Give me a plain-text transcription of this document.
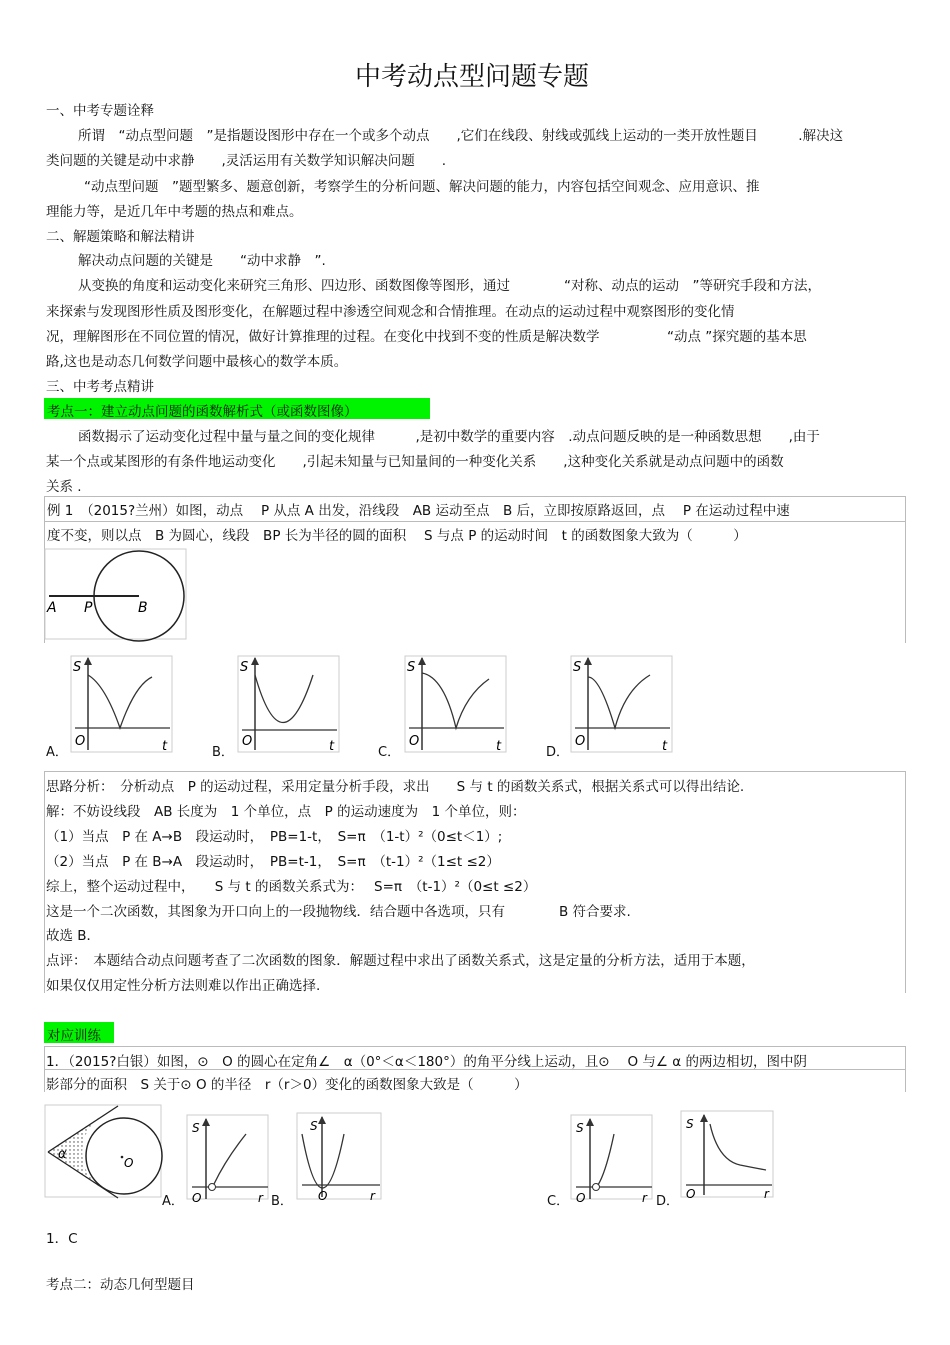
中考动点型问题专题
一、中考专题诠释
所谓　“动点型问题　”是指题设图形中存在一个或多个动点　　,它们在线段、射线或弧线上运动的一类开放性题目　　　.解决这
类问题的关键是动中求静　　,灵活运用有关数学知识解决问题　　.
“动点型问题　”题型繁多、题意创新，考察学生的分析问题、解决问题的能力，内容包括空间观念、应用意识、推
理能力等，是近几年中考题的热点和难点。
二、解题策略和解法精讲
解决动点问题的关键是　　“动中求静　”.
从变换的角度和运动变化来研究三角形、四边形、函数图像等图形，通过　　　　“对称、动点的运动　”等研究手段和方法，
来探索与发现图形性质及图形变化，在解题过程中渗透空间观念和合情推理。在动点的运动过程中观察图形的变化情
况，理解图形在不同位置的情况，做好计算推理的过程。在变化中找到不变的性质是解决数学　　　　　“动点 ”探究题的基本思
路,这也是动态几何数学问题中最核心的数学本质。
三、中考考点精讲
考点一：建立动点问题的函数解析式（或函数图像）
函数揭示了运动变化过程中量与量之间的变化规律　　　,是初中数学的重要内容　.动点问题反映的是一种函数思想　　,由于
某一个点或某图形的有条件地运动变化　　,引起未知量与已知量间的一种变化关系　　,这种变化关系就是动点问题中的函数
关系 .
例 1　（2015?兰州）如图，动点　 P 从点 A 出发，沿线段　AB 运动至点　B 后，立即按原路返回，点　 P 在运动过程中速
度不变，则以点　B 为圆心，线段　BP 长为半径的圆的面积　 S 与点 P 的运动时间　t 的函数图象大致为（　　　）
A P	B
A．	B．	C．	D．
S
O	t
S
O	t
S
O	t
S
O	t
思路分析：　分析动点　P 的运动过程，采用定量分析手段，求出　　S 与 t 的函数关系式，根据关系式可以得出结论.
解：不妨设线段　AB 长度为　1 个单位，点　P 的运动速度为　1 个单位，则：
（1）当点　P 在 A→B　段运动时，　PB=1-t，　S=π　（1-t）²（0≤t＜1）;
（2）当点　P 在 B→A　段运动时，　PB=t-1，　S=π　（t-1）²（1≤t ≤2）
综上，整个运动过程中，　　S 与 t 的函数关系式为：　 S=π　（t-1）²（0≤t ≤2）
这是一个二次函数，其图象为开口向上的一段抛物线．结合题中各选项，只有　　　　B 符合要求.
故选 B．
点评：　本题结合动点问题考查了二次函数的图象．解题过程中求出了函数关系式，这是定量的分析方法，适用于本题，
如果仅仅用定性分析方法则难以作出正确选择.
对应训练
1．（2015?白银）如图，⊙　O 的圆心在定角∠　α（0°＜α＜180°）的角平分线上运动，且⊙　 O 与∠ α 的两边相切，图中阴
影部分的面积　S 关于⊙ O 的半径　r（r＞0）变化的函数图象大致是（　　　）
α
O
A．	B．	C．	D．
S
O	r
S
O	r
S
O	r
S
O	r
1．C
考点二：动态几何型题目
